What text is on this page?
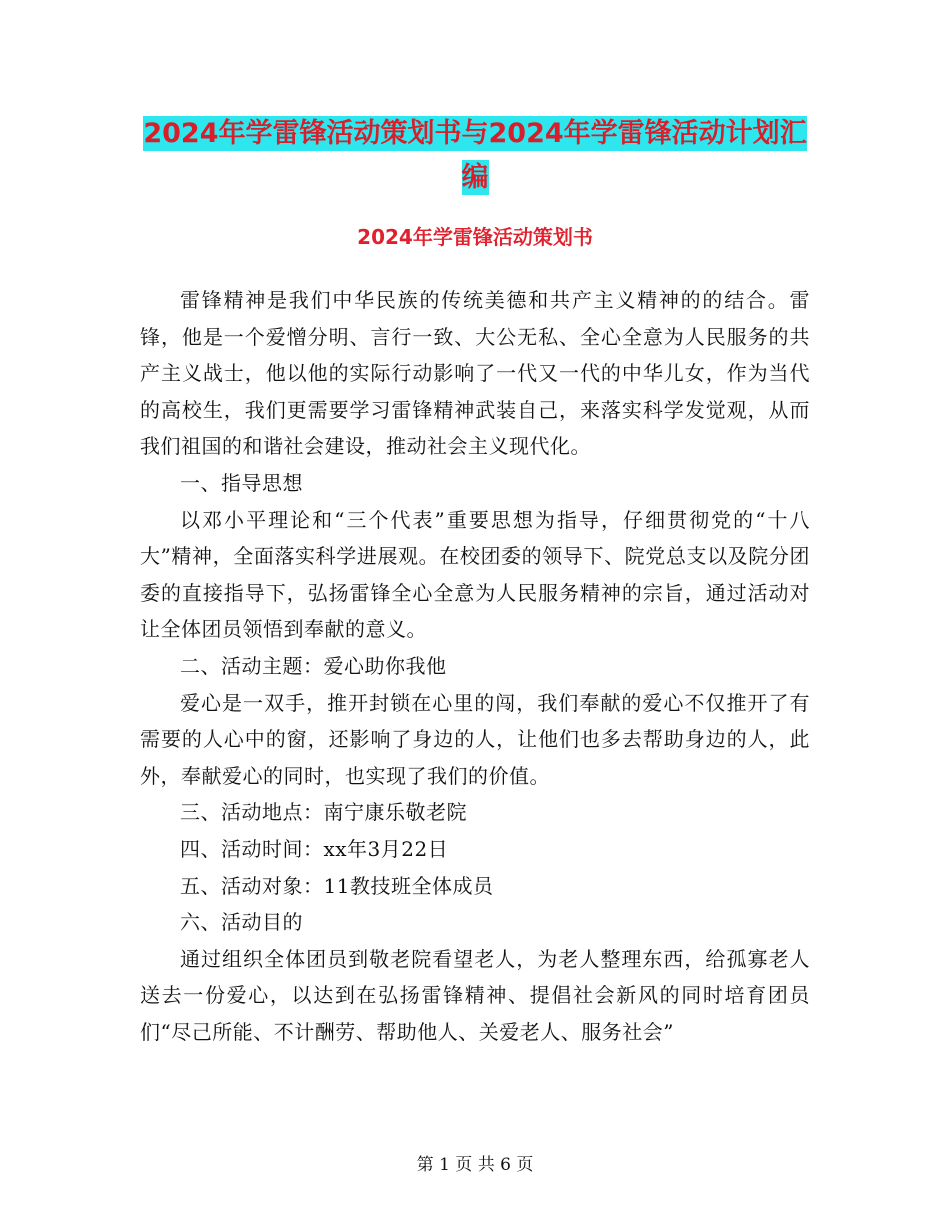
2024年学雷锋活动策划书与2024年学雷锋活动计划汇编
2024年学雷锋活动策划书

雷锋精神是我们中华民族的传统美德和共产主义精神的的结合。雷锋，他是一个爱憎分明、言行一致、大公无私、全心全意为人民服务的共产主义战士，他以他的实际行动影响了一代又一代的中华儿女，作为当代的高校生，我们更需要学习雷锋精神武装自己，来落实科学发觉观，从而我们祖国的和谐社会建设，推动社会主义现代化。

一、指导思想

以邓小平理论和“三个代表”重要思想为指导，仔细贯彻党的“十八大”精神，全面落实科学进展观。在校团委的领导下、院党总支以及院分团委的直接指导下，弘扬雷锋全心全意为人民服务精神的宗旨，通过活动对让全体团员领悟到奉献的意义。

二、活动主题：爱心助你我他

爱心是一双手，推开封锁在心里的闯，我们奉献的爱心不仅推开了有需要的人心中的窗，还影响了身边的人，让他们也多去帮助身边的人，此外，奉献爱心的同时，也实现了我们的价值。

三、活动地点：南宁康乐敬老院

四、活动时间：xx年3月22日

五、活动对象：11教技班全体成员

六、活动目的

通过组织全体团员到敬老院看望老人，为老人整理东西，给孤寡老人送去一份爱心，以达到在弘扬雷锋精神、提倡社会新风的同时培育团员们“尽己所能、不计酬劳、帮助他人、关爱老人、服务社会”

第 1 页 共 6 页
